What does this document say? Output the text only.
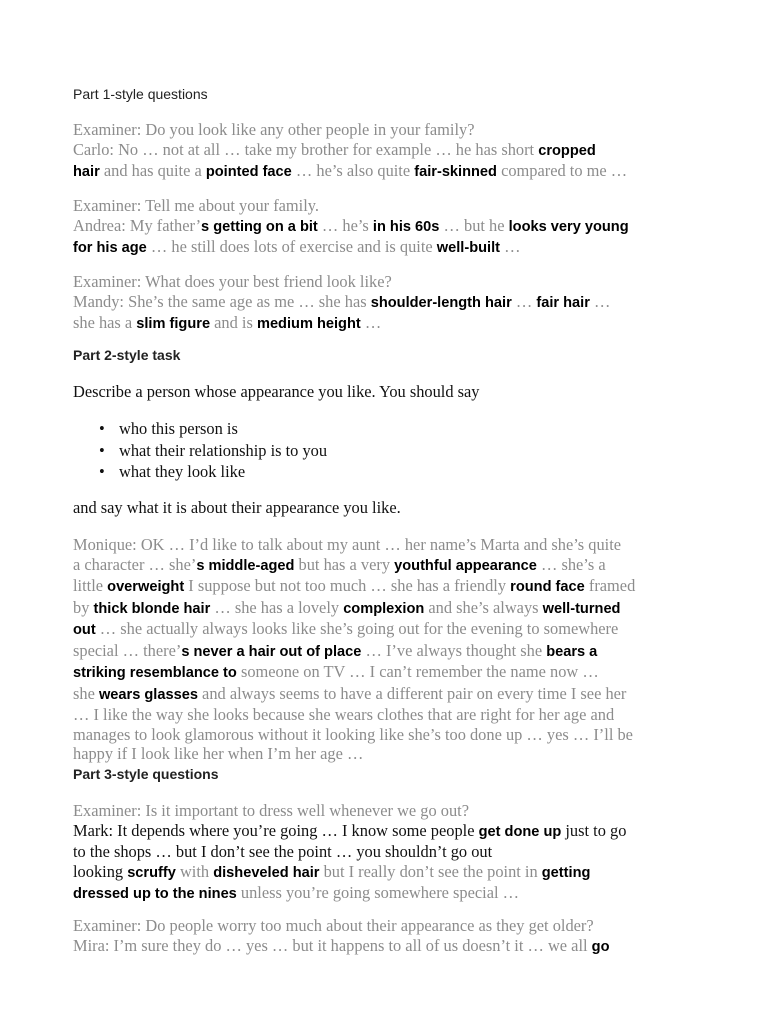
Part 1-style questions

Examiner: Do you look like any other people in your family?
Carlo: No … not at all … take my brother for example … he has short cropped
hair and has quite a pointed face … he’s also quite fair-skinned compared to me …
Examiner: Tell me about your family.
Andrea: My father’s getting on a bit … he’s in his 60s … but he looks very young
for his age … he still does lots of exercise and is quite well-built …
Examiner: What does your best friend look like?
Mandy: She’s the same age as me … she has shoulder-length hair … fair hair …
she has a slim figure and is medium height …

Part 2-style task

Describe a person whose appearance you like. You should say
• who this person is
• what their relationship is to you
• what they look like
and say what it is about their appearance you like.
Monique: OK … I’d like to talk about my aunt … her name’s Marta and she’s quite
a character … she’s middle-aged but has a very youthful appearance … she’s a
little overweight I suppose but not too much … she has a friendly round face framed
by thick blonde hair … she has a lovely complexion and she’s always well-turned
out … she actually always looks like she’s going out for the evening to somewhere
special … there’s never a hair out of place … I’ve always thought she bears a
striking resemblance to someone on TV … I can’t remember the name now …
she wears glasses and always seems to have a different pair on every time I see her
… I like the way she looks because she wears clothes that are right for her age and
manages to look glamorous without it looking like she’s too done up … yes … I’ll be
happy if I look like her when I’m her age …

Part 3-style questions

Examiner: Is it important to dress well whenever we go out?
Mark: It depends where you’re going … I know some people get done up just to go
to the shops … but I don’t see the point … you shouldn’t go out
looking scruffy with disheveled hair but I really don’t see the point in getting
dressed up to the nines unless you’re going somewhere special …
Examiner: Do people worry too much about their appearance as they get older?
Mira: I’m sure they do … yes … but it happens to all of us doesn’t it … we all go
